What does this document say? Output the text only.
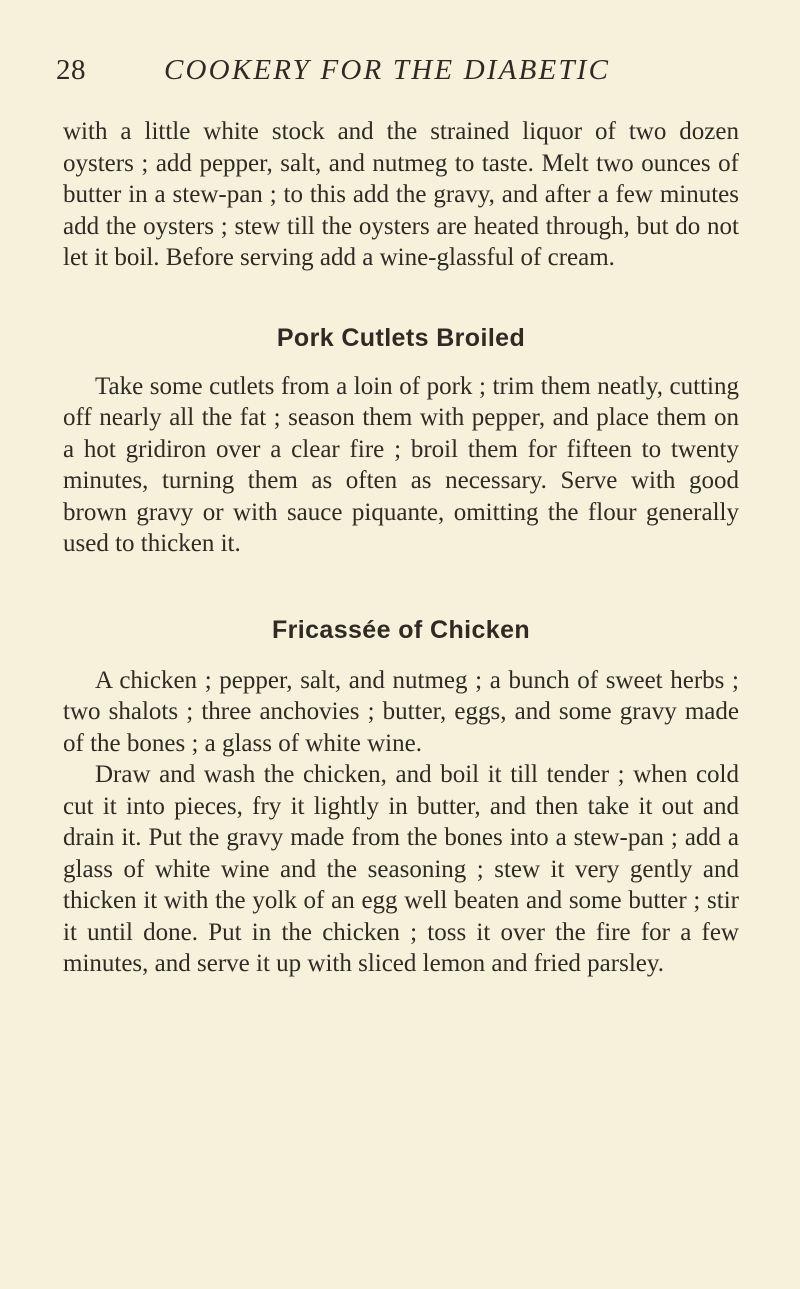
28	COOKERY FOR THE DIABETIC

with a little white stock and the strained liquor of two dozen oysters ; add pepper, salt, and nutmeg to taste. Melt two ounces of butter in a stew-pan ; to this add the gravy, and after a few minutes add the oysters ; stew till the oysters are heated through, but do not let it boil. Before serving add a wine-glassful of cream.

Pork Cutlets Broiled

Take some cutlets from a loin of pork ; trim them neatly, cutting off nearly all the fat ; season them with pepper, and place them on a hot gridiron over a clear fire ; broil them for fifteen to twenty minutes, turning them as often as necessary. Serve with good brown gravy or with sauce piquante, omitting the flour generally used to thicken it.

Fricassée of Chicken

A chicken ; pepper, salt, and nutmeg ; a bunch of sweet herbs ; two shalots ; three anchovies ; butter, eggs, and some gravy made of the bones ; a glass of white wine.

Draw and wash the chicken, and boil it till tender ; when cold cut it into pieces, fry it lightly in butter, and then take it out and drain it. Put the gravy made from the bones into a stew-pan ; add a glass of white wine and the seasoning ; stew it very gently and thicken it with the yolk of an egg well beaten and some butter ; stir it until done. Put in the chicken ; toss it over the fire for a few minutes, and serve it up with sliced lemon and fried parsley.
